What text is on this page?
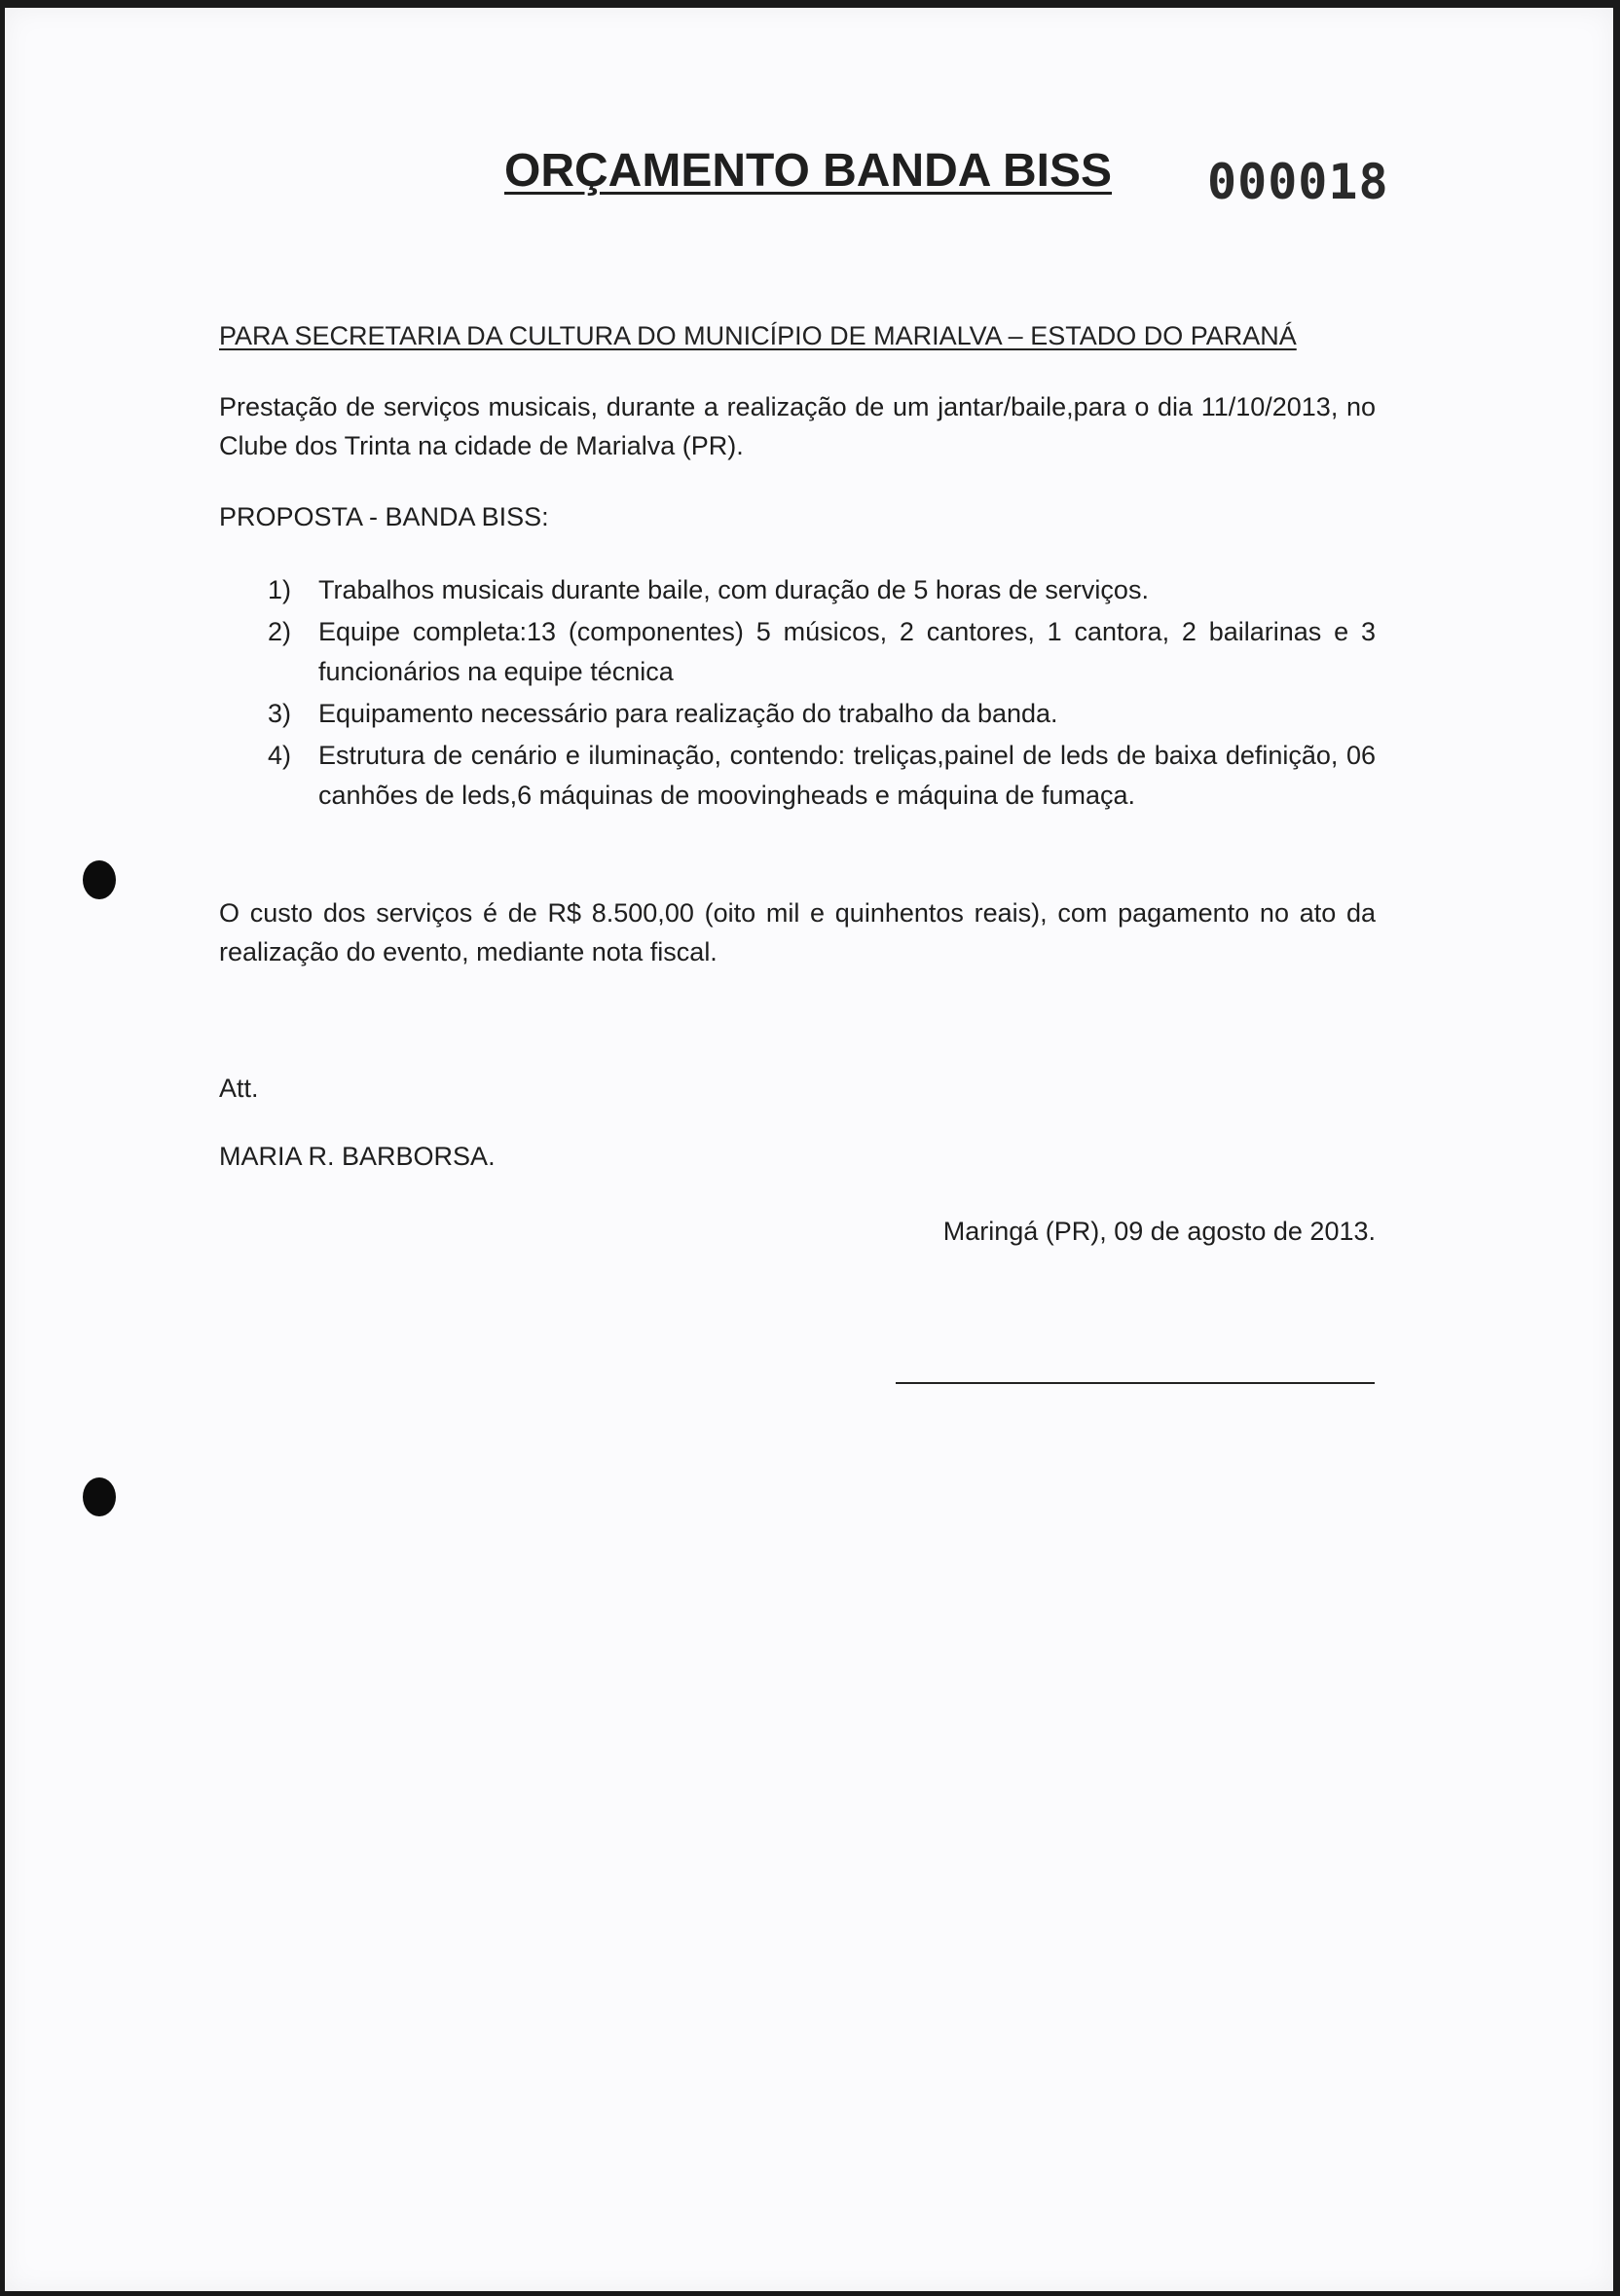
ORÇAMENTO BANDA BISS 000018
PARA SECRETARIA DA CULTURA DO MUNICÍPIO DE MARIALVA – ESTADO DO PARANÁ

Prestação de serviços musicais, durante a realização de um jantar/baile,para o dia 11/10/2013, no Clube dos Trinta na cidade de Marialva (PR).

PROPOSTA - BANDA BISS:
1) Trabalhos musicais durante baile, com duração de 5 horas de serviços.
2) Equipe completa:13 (componentes) 5 músicos, 2 cantores, 1 cantora, 2 bailarinas e 3 funcionários na equipe técnica
3) Equipamento necessário para realização do trabalho da banda.
4) Estrutura de cenário e iluminação, contendo: treliças,painel de leds de baixa definição, 06 canhões de leds,6 máquinas de moovingheads e máquina de fumaça.

O custo dos serviços é de R$ 8.500,00 (oito mil e quinhentos reais), com pagamento no ato da realização do evento, mediante nota fiscal.

Att.
MARIA R. BARBORSA.
Maringá (PR), 09 de agosto de 2013.
